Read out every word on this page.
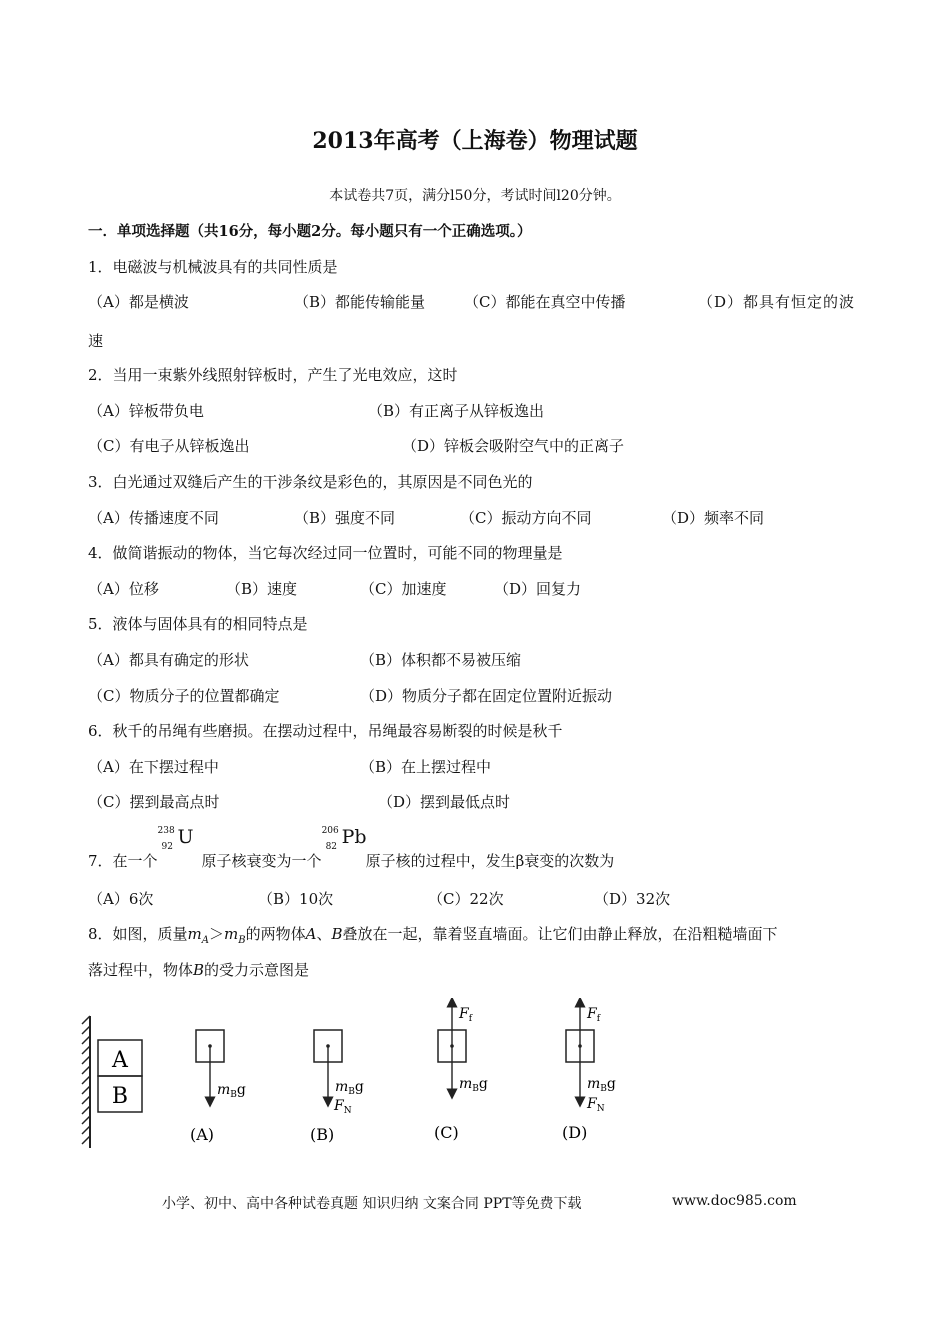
2013年高考（上海卷）物理试题
本试卷共7页，满分l50分，考试时间l20分钟。
一．单项选择题（共16分，每小题2分。每小题只有一个正确选项。）
1．电磁波与机械波具有的共同性质是
（A）都是横波	（B）都能传输能量	（C）都能在真空中传播	（D）都具有恒定的波
速
2．当用一束紫外线照射锌板时，产生了光电效应，这时
（A）锌板带负电	（B）有正离子从锌板逸出
（C）有电子从锌板逸出	（D）锌板会吸附空气中的正离子
3．白光通过双缝后产生的干涉条纹是彩色的，其原因是不同色光的
（A）传播速度不同	（B）强度不同	（C）振动方向不同	（D）频率不同
4．做简谐振动的物体，当它每次经过同一位置时，可能不同的物理量是
（A）位移	（B）速度	（C）加速度	（D）回复力
5．液体与固体具有的相同特点是
（A）都具有确定的形状	（B）体积都不易被压缩
（C）物质分子的位置都确定	（D）物质分子都在固定位置附近振动
6．秋千的吊绳有些磨损。在摆动过程中，吊绳最容易断裂的时候是秋千
（A）在下摆过程中	（B）在上摆过程中
（C）摆到最高点时	（D）摆到最低点时
7．在一个
238
92 U
原子核衰变为一个
206
82 Pb
原子核的过程中，发生β衰变的次数为
（A）6次	（B）10次	（C）22次	（D）32次
8．如图，质量$m_A>m_B$的两物体A、B叠放在一起，靠着竖直墙面。让它们由静止释放，在沿粗糙墙面下
落过程中，物体B的受力示意图是
A
B	$m_Bg$
(A)
$m_Bg$
$F_N$
(B)
$F_f$
$m_Bg$
(C)
$F_f$
$m_Bg$
$F_N$
(D)
小学、初中、高中各种试卷真题 知识归纳 文案合同 PPT等免费下载	www.doc985.com
